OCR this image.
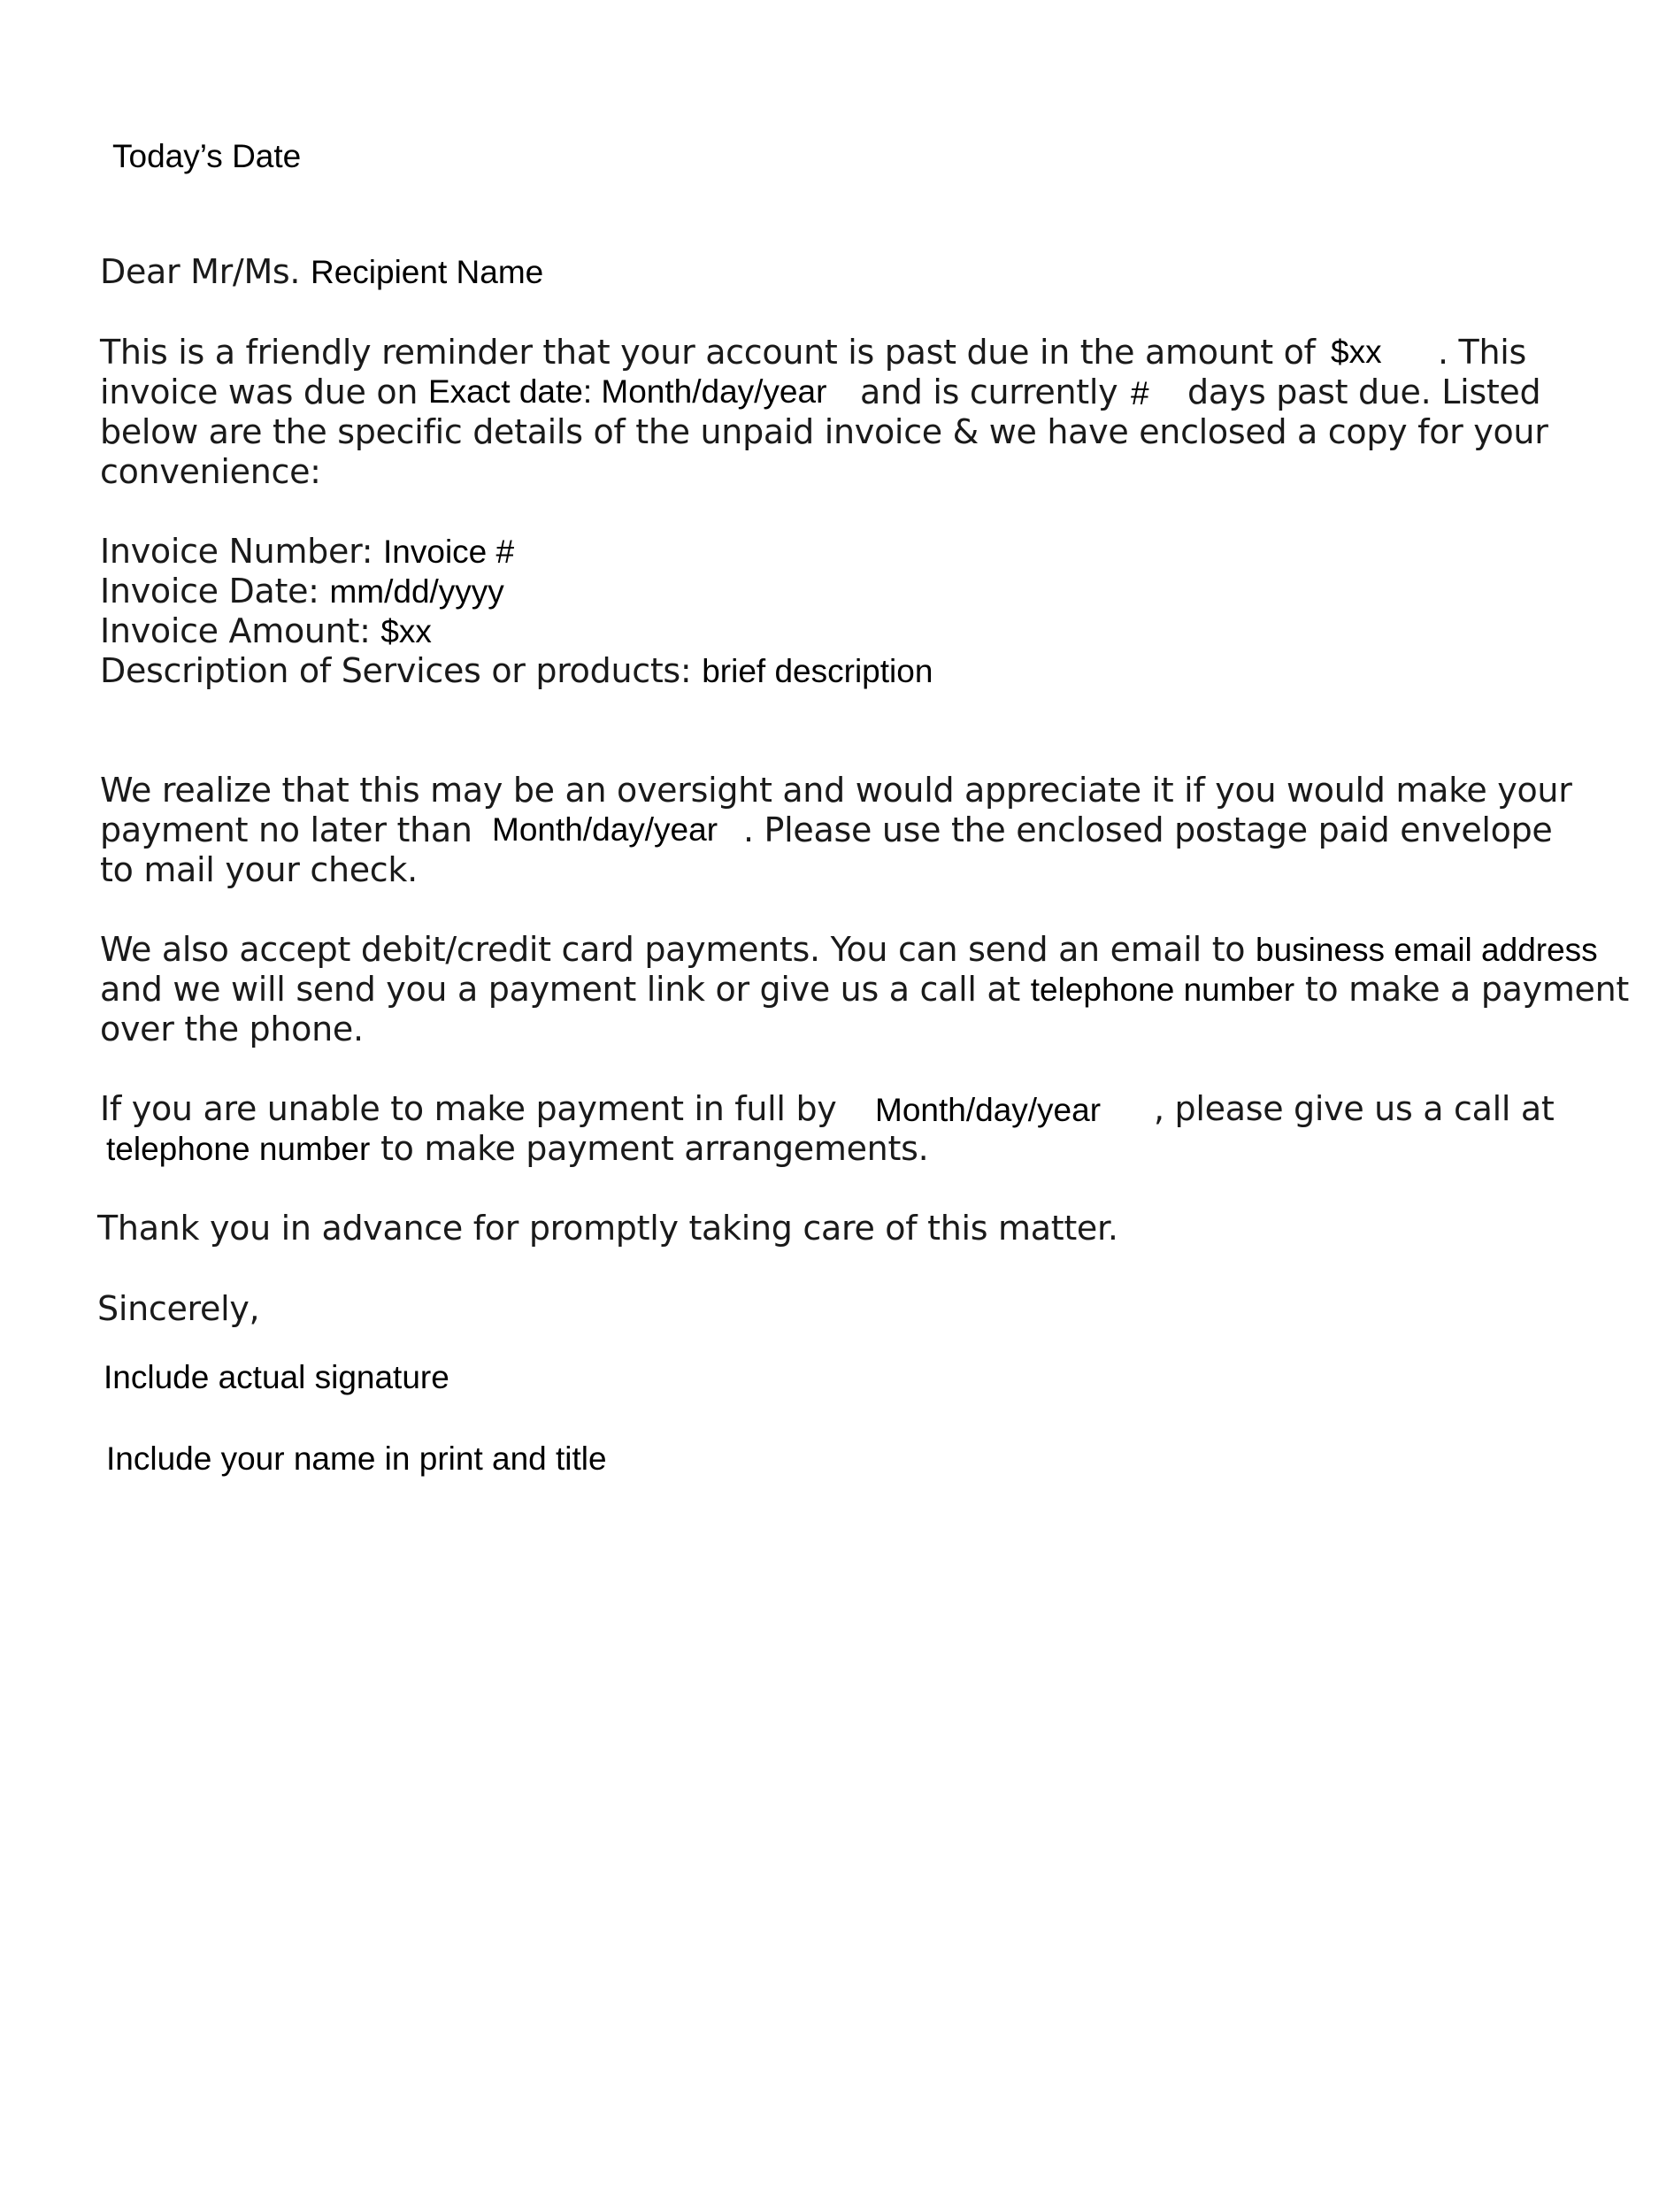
Today’s Date
Dear Mr/Ms. Recipient Name
This is a friendly reminder that your account is past due in the amount of $xx . This
invoice was due on Exact date: Month/day/year and is currently # days past due. Listed
below are the specific details of the unpaid invoice & we have enclosed a copy for your
convenience:
Invoice Number: Invoice #
Invoice Date: mm/dd/yyyy
Invoice Amount: $xx
Description of Services or products: brief description
We realize that this may be an oversight and would appreciate it if you would make your
payment no later than Month/day/year . Please use the enclosed postage paid envelope
to mail your check.
We also accept debit/credit card payments. You can send an email to business email address
and we will send you a payment link or give us a call at telephone number to make a payment
over the phone.
If you are unable to make payment in full by Month/day/year , please give us a call at
telephone number to make payment arrangements.
Thank you in advance for promptly taking care of this matter.
Sincerely,
Include actual signature
Include your name in print and title
